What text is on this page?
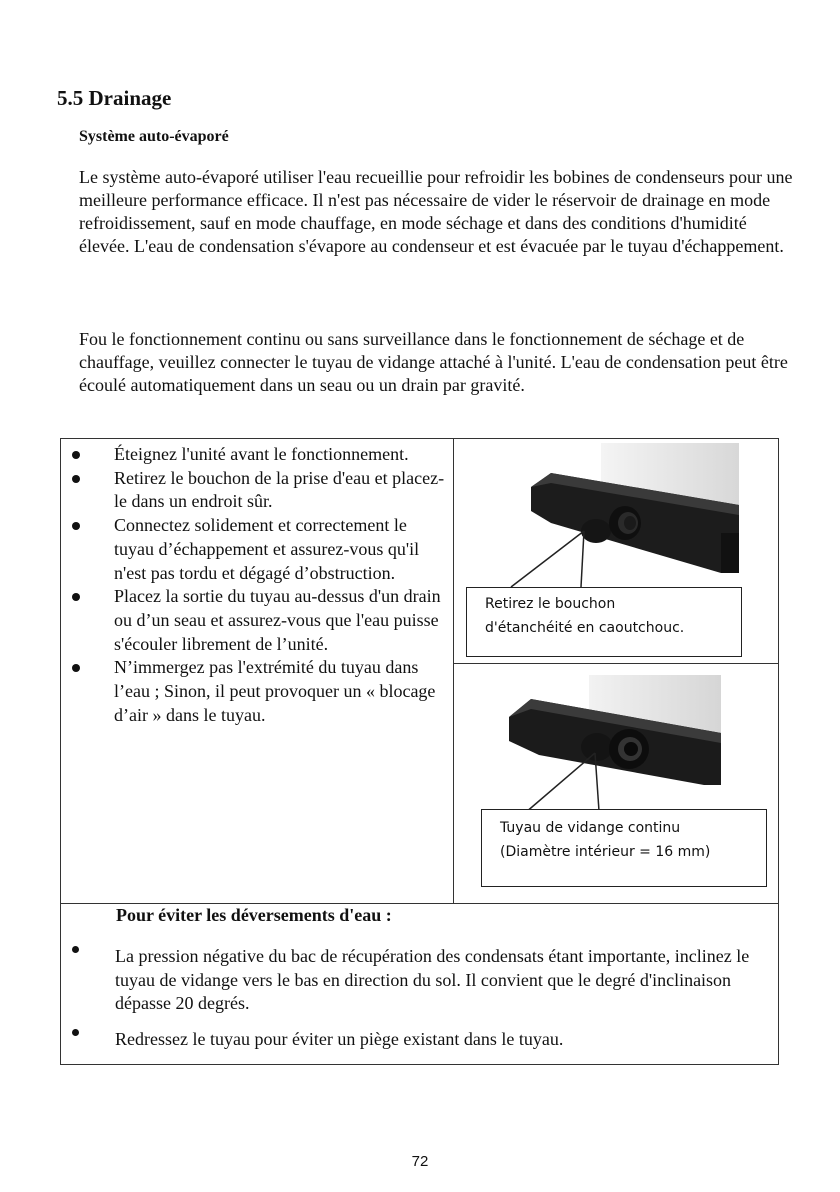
5.5 Drainage
Système auto-évaporé

Le système auto-évaporé utiliser l'eau recueillie pour refroidir les bobines de condenseurs pour une meilleure performance efficace. Il n'est pas nécessaire de vider le réservoir de drainage en mode refroidissement, sauf en mode chauffage, en mode séchage et dans des conditions d'humidité élevée. L'eau de condensation s'évapore au condenseur et est évacuée par le tuyau d'échappement.

Fou le fonctionnement continu ou sans surveillance dans le fonctionnement de séchage et de chauffage, veuillez connecter le tuyau de vidange attaché à l'unité. L'eau de condensation peut être écoulé automatiquement dans un seau ou un drain par gravité.

Éteignez l'unité avant le fonctionnement.
Retirez le bouchon de la prise d'eau et placez-le dans un endroit sûr.
Connectez solidement et correctement le tuyau d’échappement et assurez-vous qu'il n'est pas tordu et dégagé d’obstruction.
Placez la sortie du tuyau au-dessus d'un drain ou d’un seau et assurez-vous que l'eau puisse s'écouler librement de l’unité.
N’immergez pas l'extrémité du tuyau dans l’eau ; Sinon, il peut provoquer un « blocage d’air » dans le tuyau.
Retirez le bouchon
d'étanchéité en caoutchouc.
Tuyau de vidange continu
(Diamètre intérieur = 16 mm)
Pour éviter les déversements d'eau :
La pression négative du bac de récupération des condensats étant importante, inclinez le tuyau de vidange vers le bas en direction du sol. Il convient que le degré d'inclinaison dépasse 20 degrés.
Redressez le tuyau pour éviter un piège existant dans le tuyau.
72
